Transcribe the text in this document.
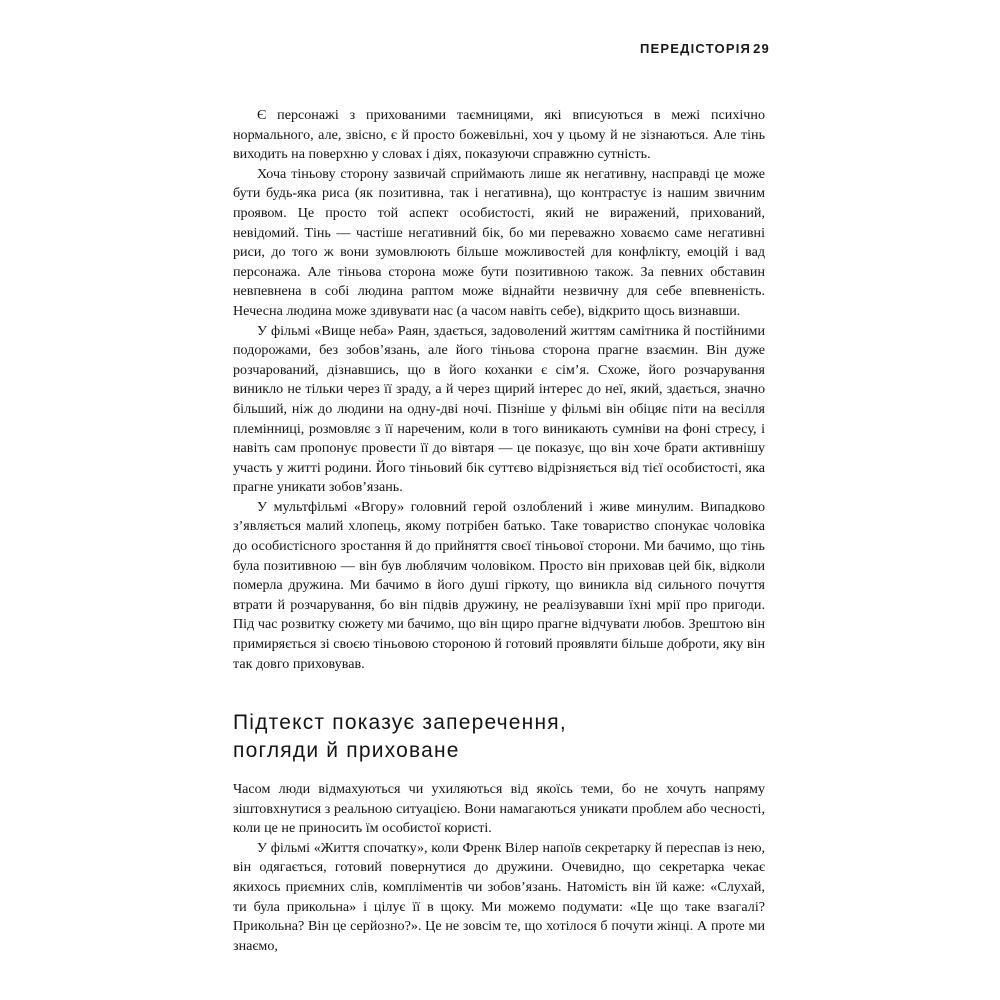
ПЕРЕДІСТОРІЯ 29

Є персонажі з прихованими таємницями, які вписуються в межі психічно нормального, але, звісно, є й просто божевільні, хоч у цьому й не зізнаються. Але тінь виходить на поверхню у словах і діях, показуючи справжню сутність.

Хоча тіньову сторону зазвичай сприймають лише як негативну, насправді це може бути будь-яка риса (як позитивна, так і негативна), що контрастує із нашим звичним проявом. Це просто той аспект особистості, який не виражений, прихований, невідомий. Тінь — частіше негативний бік, бо ми переважно ховаємо саме негативні риси, до того ж вони зумовлюють більше можливостей для конфлікту, емоцій і вад персонажа. Але тіньова сторона може бути позитивною також. За певних обставин невпевнена в собі людина раптом може віднайти незвичну для себе впевненість. Нечесна людина може здивувати нас (а часом навіть себе), відкрито щось визнавши.

У фільмі «Вище неба» Раян, здається, задоволений життям самітника й постійними подорожами, без зобов’язань, але його тіньова сторона прагне взаємин. Він дуже розчарований, дізнавшись, що в його коханки є сім’я. Схоже, його розчарування виникло не тільки через її зраду, а й через щирий інтерес до неї, який, здається, значно більший, ніж до людини на одну-дві ночі. Пізніше у фільмі він обіцяє піти на весілля племінниці, розмовляє з її нареченим, коли в того виникають сумніви на фоні стресу, і навіть сам пропонує провести її до вівтаря — це показує, що він хоче брати активнішу участь у житті родини. Його тіньовий бік суттєво відрізняється від тієї особистості, яка прагне уникати зобов’язань.

У мультфільмі «Вгору» головний герой озлоблений і живе минулим. Випадково з’являється малий хлопець, якому потрібен батько. Таке товариство спонукає чоловіка до особистісного зростання й до прийняття своєї тіньової сторони. Ми бачимо, що тінь була позитивною — він був люблячим чоловіком. Просто він приховав цей бік, відколи померла дружина. Ми бачимо в його душі гіркоту, що виникла від сильного почуття втрати й розчарування, бо він підвів дружину, не реалізувавши їхні мрії про пригоди. Під час розвитку сюжету ми бачимо, що він щиро прагне відчувати любов. Зрештою він примиряється зі своєю тіньовою стороною й готовий проявляти більше доброти, яку він так довго приховував.

Підтекст показує заперечення,
погляди й приховане

Часом люди відмахуються чи ухиляються від якоїсь теми, бо не хочуть напряму зіштовхнутися з реальною ситуацією. Вони намагаються уникати проблем або чесності, коли це не приносить їм особистої користі.

У фільмі «Життя спочатку», коли Френк Вілер напоїв секретарку й переспав із нею, він одягається, готовий повернутися до дружини. Очевидно, що секретарка чекає якихось приємних слів, компліментів чи зобов’язань. Натомість він їй каже: «Слухай, ти була прикольна» і цілує її в щоку. Ми можемо подумати: «Це що таке взагалі? Прикольна? Він це серйозно?». Це не зовсім те, що хотілося б почути жінці. А проте ми знаємо,
